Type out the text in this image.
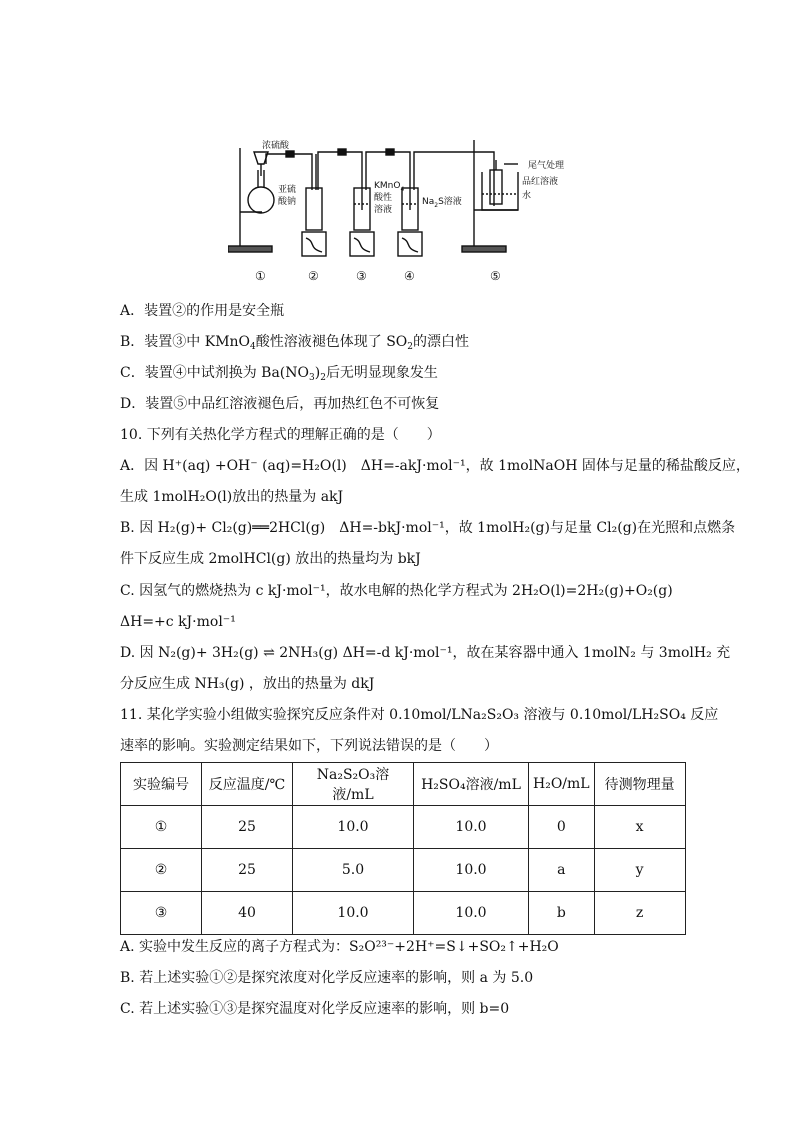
浓硫酸
亚硫
酸钠
KMnO$_4$
酸性
溶液
$Na_2S$溶液
尾气处理
品红溶液
水
①	②	③	④	⑤
A．装置②的作用是安全瓶
B．装置③中 KMnO$_4$酸性溶液褪色体现了 $SO_2$的漂白性
C．装置④中试剂换为 $Ba(NO_3)_2$后无明显现象发生
D．装置⑤中品红溶液褪色后，再加热红色不可恢复
10. 下列有关热化学方程式的理解正确的是（　　）
A．因 H⁺(aq) +OH⁻ (aq)=H₂O(l)　ΔH=-akJ·mol⁻¹，故 1molNaOH 固体与足量的稀盐酸反应，
生成 1molH₂O(l)放出的热量为 akJ
B. 因 H₂(g)+ Cl₂(g)══2HCl(g)　ΔH=-bkJ·mol⁻¹，故 1molH₂(g)与足量 Cl₂(g)在光照和点燃条
件下反应生成 2molHCl(g) 放出的热量均为 bkJ
C. 因氢气的燃烧热为 c kJ·mol⁻¹，故水电解的热化学方程式为 2H₂O(l)=2H₂(g)+O₂(g)
ΔH=+c kJ·mol⁻¹
D. 因 N₂(g)+ 3H₂(g) ⇌ 2NH₃(g) ΔH=-d kJ·mol⁻¹，故在某容器中通入 1molN₂ 与 3molH₂ 充
分反应生成 NH₃(g) ，放出的热量为 dkJ
11. 某化学实验小组做实验探究反应条件对 0.10mol/LNa₂S₂O₃ 溶液与 0.10mol/LH₂SO₄ 反应
速率的影响。实验测定结果如下，下列说法错误的是（　　）
实验编号	反应温度/℃	Na₂S₂O₃溶液/mL	H₂SO₄溶液/mL	H₂O/mL	待测物理量
①	25	10.0	10.0	0	x
②	25	5.0	10.0	a	y
③	40	10.0	10.0	b	z
A. 实验中发生反应的离子方程式为：S₂O²³⁻+2H⁺=S↓+SO₂↑+H₂O
B. 若上述实验①②是探究浓度对化学反应速率的影响，则 a 为 5.0
C. 若上述实验①③是探究温度对化学反应速率的影响，则 b=0
